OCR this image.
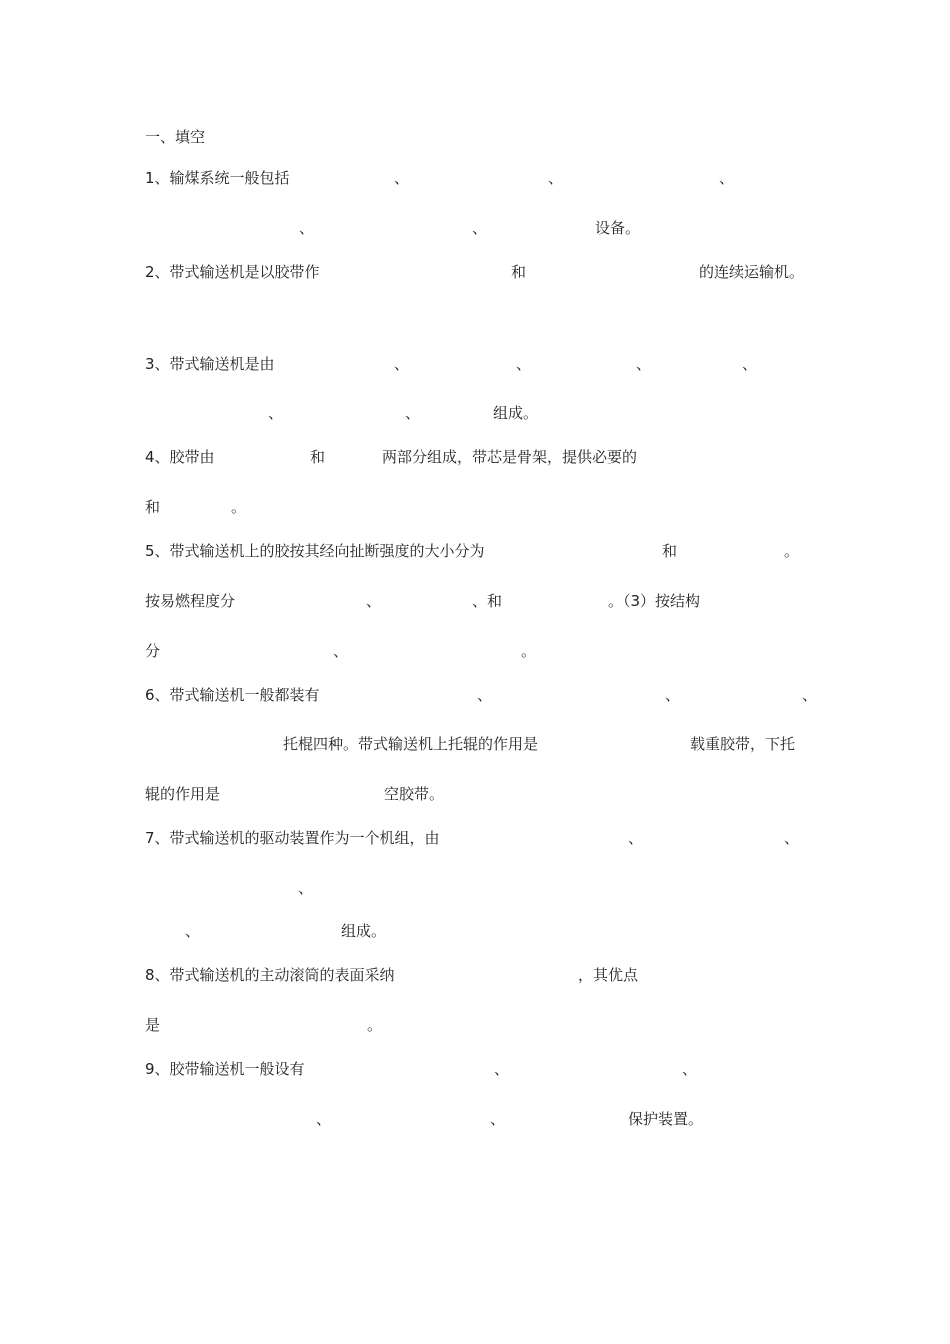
一、填空
1、输煤系统一般包括	、	、	、
、	、	设备。
2、带式输送机是以胶带作	和	的连续运输机。
3、带式输送机是由	、	、	、	、
、	、	组成。
4、胶带由	和	两部分组成，带芯是骨架，提供必要的
和	。
5、带式输送机上的胶按其经向扯断强度的大小分为	和	。
按易燃程度分	、	、和	。（3）按结构
分	、	。
6、带式输送机一般都装有	、	、	、
托棍四种。带式输送机上托辊的作用是	载重胶带，下托
辊的作用是	空胶带。
7、带式输送机的驱动装置作为一个机组，由	、	、
、
、	组成。
8、带式输送机的主动滚筒的表面采纳	，其优点
是	。
9、胶带输送机一般设有	、	、
、	、	保护装置。
